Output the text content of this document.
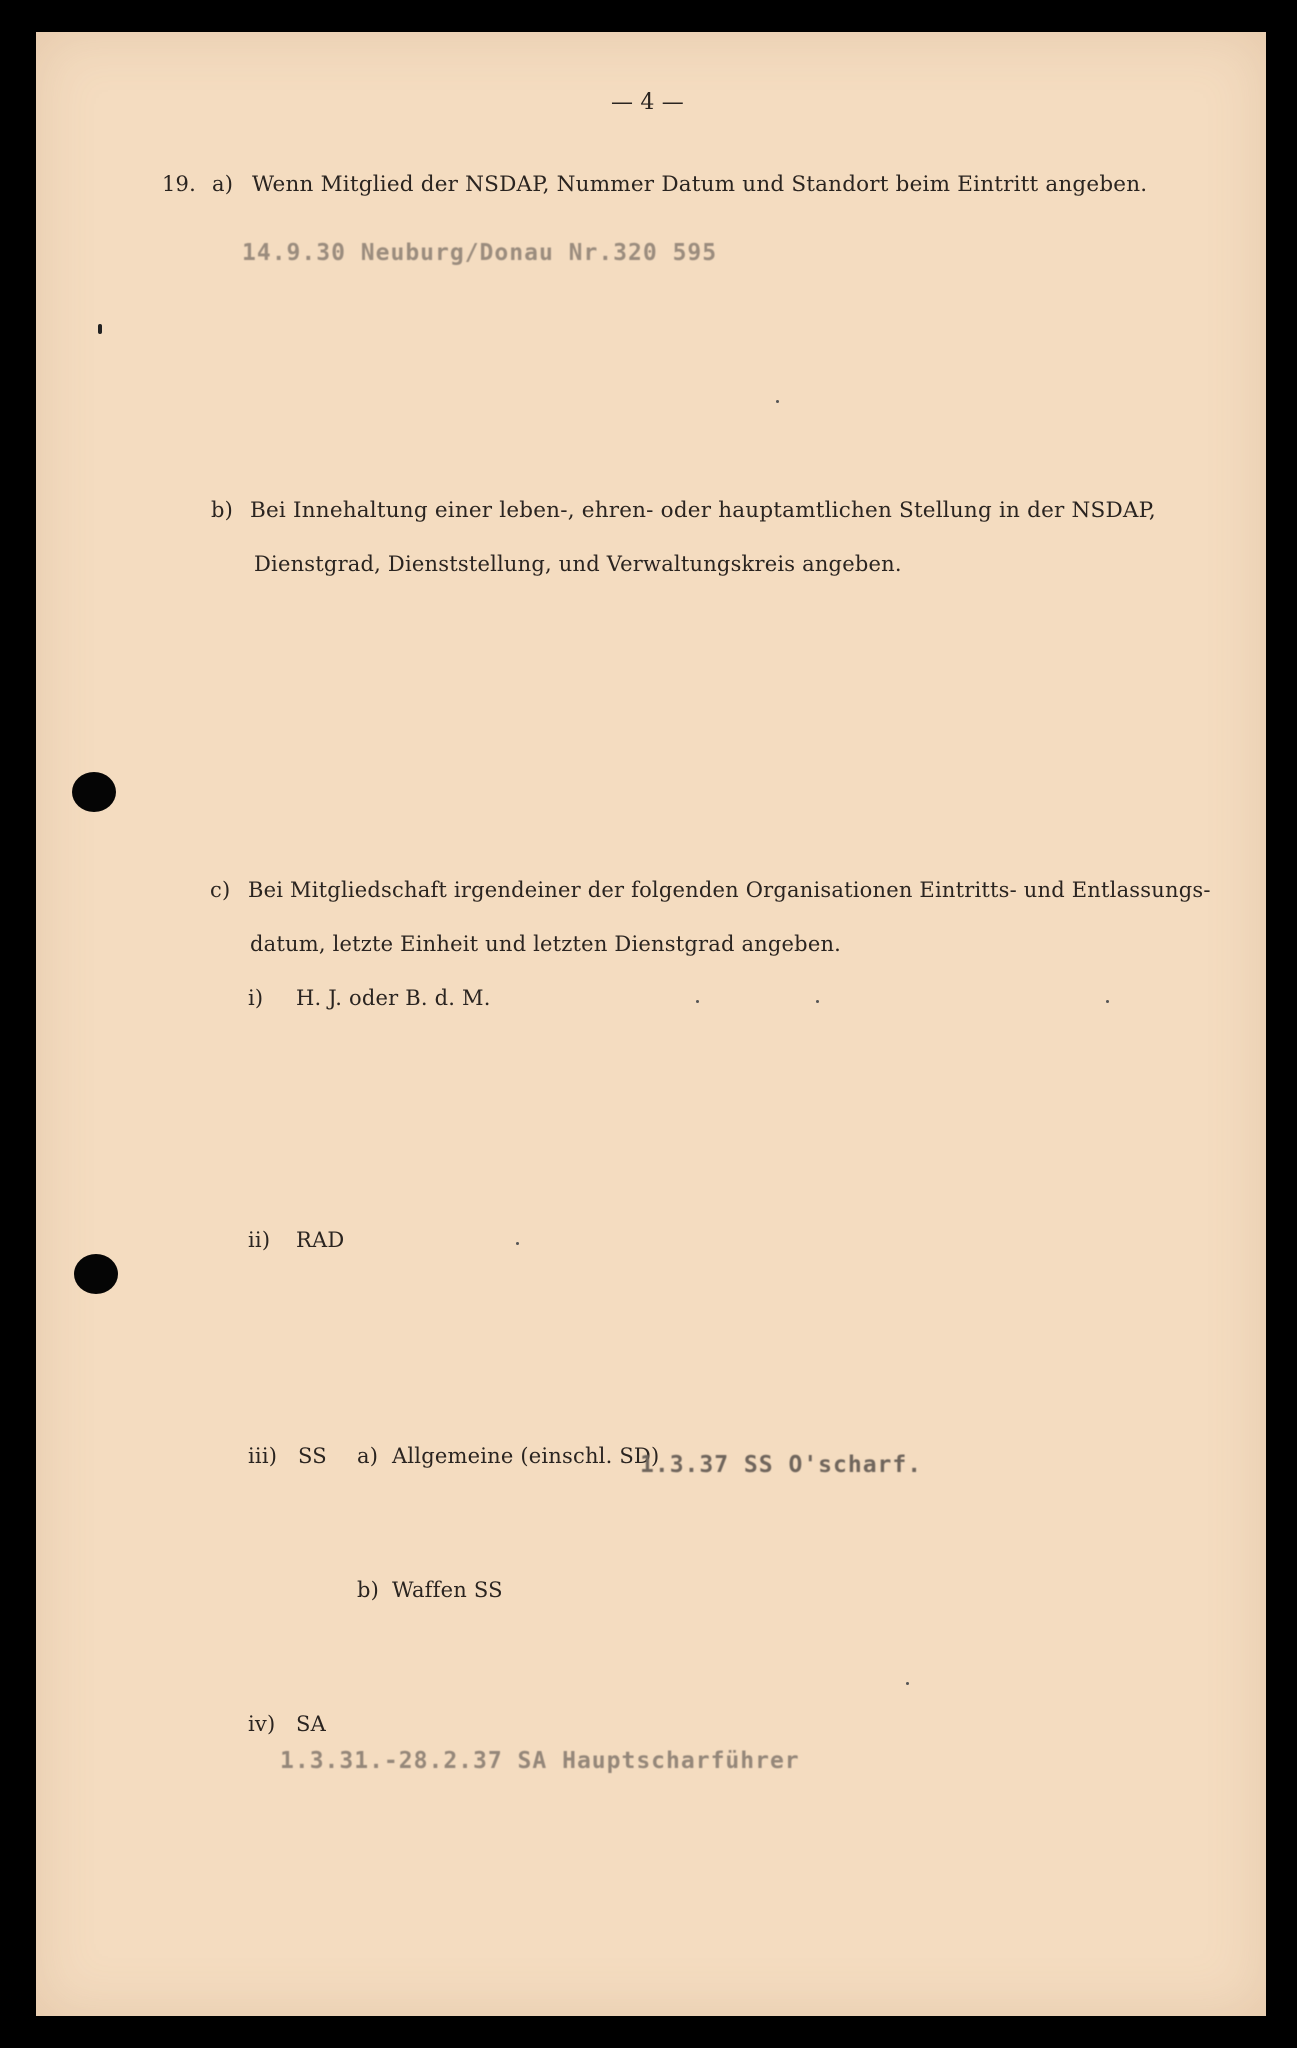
— 4 —
19. a) Wenn Mitglied der NSDAP, Nummer Datum und Standort beim Eintritt angeben.
14.9.30 Neuburg/Donau Nr.320 595
b) Bei Innehaltung einer leben-, ehren- oder hauptamtlichen Stellung in der NSDAP,
Dienstgrad, Dienststellung, und Verwaltungskreis angeben.
c) Bei Mitgliedschaft irgendeiner der folgenden Organisationen Eintritts- und Entlassungs-
datum, letzte Einheit und letzten Dienstgrad angeben.
i) H. J. oder B. d. M.
ii) RAD
iii) SS a) Allgemeine (einschl. SD)
1.3.37 SS O'scharf.
b) Waffen SS
iv) SA
1.3.31.-28.2.37 SA Hauptscharführer
